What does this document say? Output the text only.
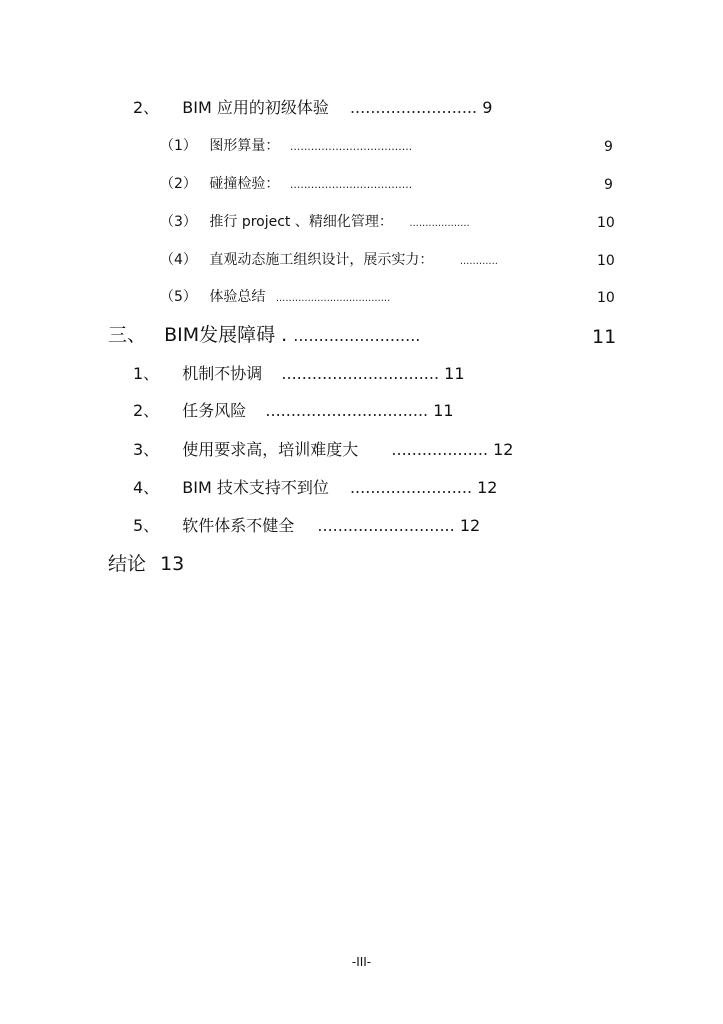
2、 BIM 应用的初级体验 ......................... 9
（1） 图形算量： ...................................	9
（2） 碰撞检验： ...................................	9
（3） 推行 project 、精细化管理： ...................	10
（4） 直观动态施工组织设计，展示实力：	............	10
（5） 体验总结 ....................................	10
三、 BIM发展障碍 . .........................	11
1、 机制不协调 ............................... 11
2、 任务风险 ................................ 11
3、 使用要求高，培训难度大 ................... 12
4、 BIM 技术支持不到位 ........................ 12
5、 软件体系不健全 ........................... 12
结论 13
-III-
